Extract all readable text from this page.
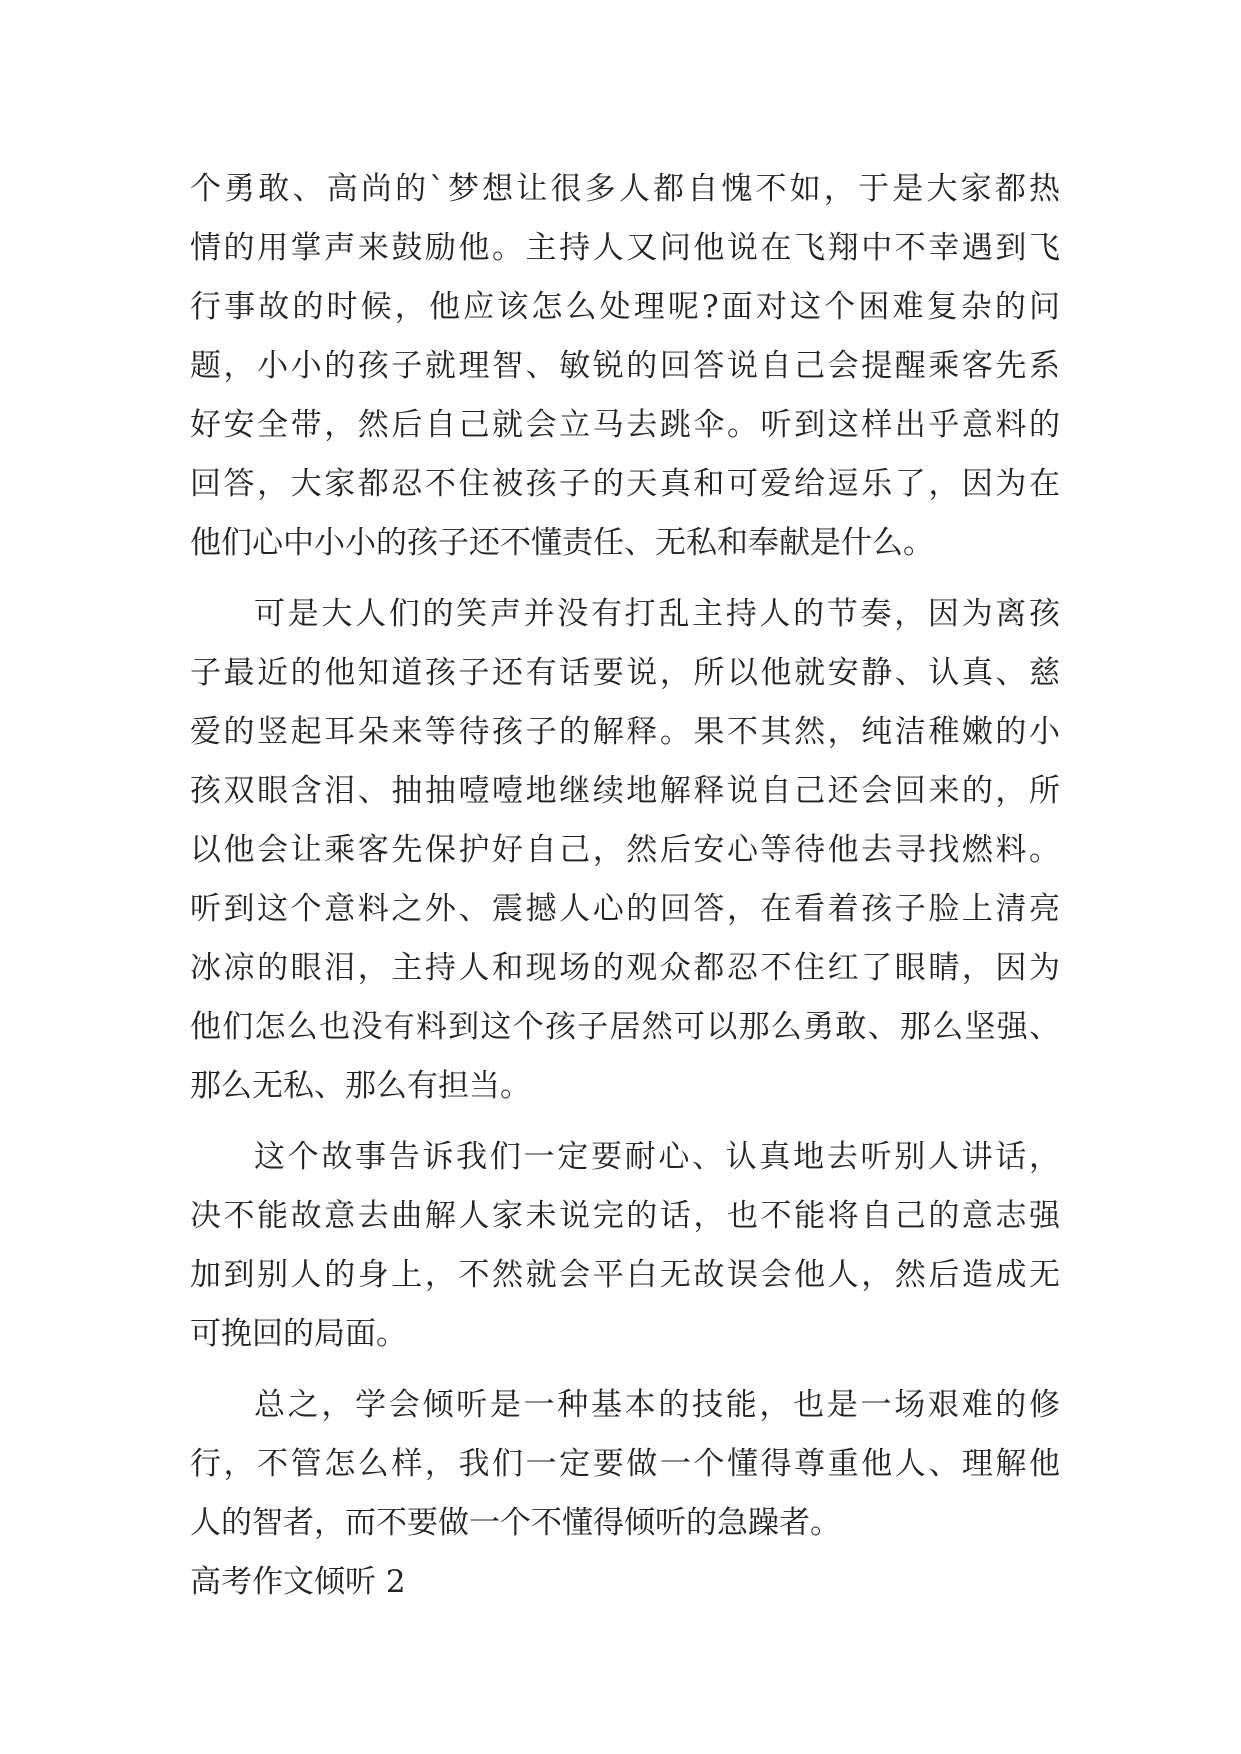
个勇敢、高尚的`梦想让很多人都自愧不如，于是大家都热
情的用掌声来鼓励他。主持人又问他说在飞翔中不幸遇到飞
行事故的时候，他应该怎么处理呢?面对这个困难复杂的问
题，小小的孩子就理智、敏锐的回答说自己会提醒乘客先系
好安全带，然后自己就会立马去跳伞。听到这样出乎意料的
回答，大家都忍不住被孩子的天真和可爱给逗乐了，因为在
他们心中小小的孩子还不懂责任、无私和奉献是什么。
可是大人们的笑声并没有打乱主持人的节奏，因为离孩
子最近的他知道孩子还有话要说，所以他就安静、认真、慈
爱的竖起耳朵来等待孩子的解释。果不其然，纯洁稚嫩的小
孩双眼含泪、抽抽噎噎地继续地解释说自己还会回来的，所
以他会让乘客先保护好自己，然后安心等待他去寻找燃料。
听到这个意料之外、震撼人心的回答，在看着孩子脸上清亮
冰凉的眼泪，主持人和现场的观众都忍不住红了眼睛，因为
他们怎么也没有料到这个孩子居然可以那么勇敢、那么坚强、
那么无私、那么有担当。
这个故事告诉我们一定要耐心、认真地去听别人讲话，
决不能故意去曲解人家未说完的话，也不能将自己的意志强
加到别人的身上，不然就会平白无故误会他人，然后造成无
可挽回的局面。
总之，学会倾听是一种基本的技能，也是一场艰难的修
行，不管怎么样，我们一定要做一个懂得尊重他人、理解他
人的智者，而不要做一个不懂得倾听的急躁者。
高考作文倾听 2
